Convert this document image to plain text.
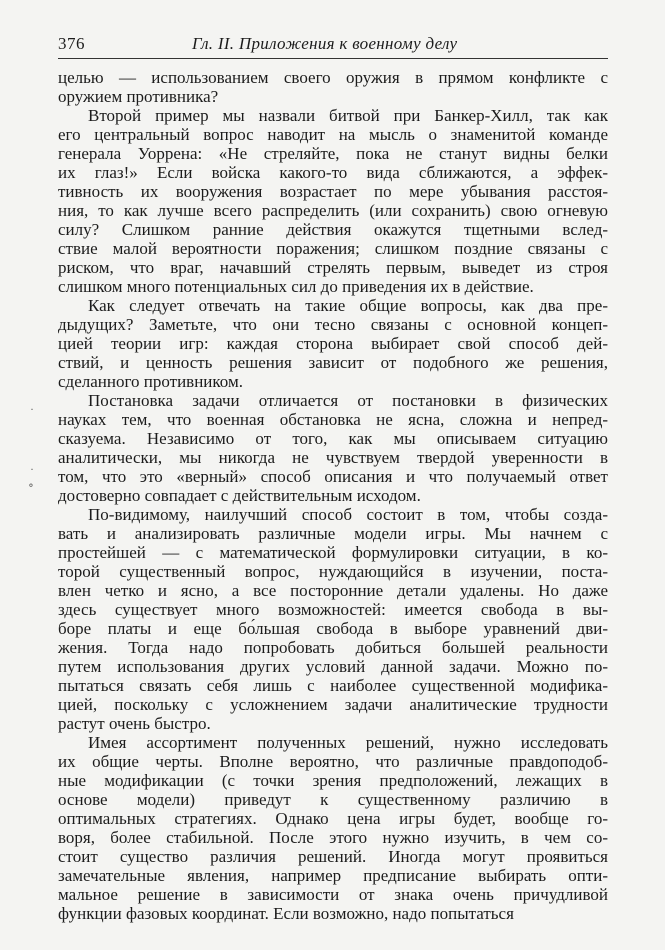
376	Гл. II. Приложения к военному делу
·
·
∘
целью — использованием своего оружия в прямом конфликте с
оружием противника?
Второй пример мы назвали битвой при Банкер-Хилл, так как
его центральный вопрос наводит на мысль о знаменитой команде
генерала Уоррена: «Не стреляйте, пока не станут видны белки
их глаз!» Если войска какого-то вида сближаются, а эффек-
тивность их вооружения возрастает по мере убывания расстоя-
ния, то как лучше всего распределить (или сохранить) свою огневую
силу? Слишком ранние действия окажутся тщетными вслед-
ствие малой вероятности поражения; слишком поздние связаны с
риском, что враг, начавший стрелять первым, выведет из строя
слишком много потенциальных сил до приведения их в действие.
Как следует отвечать на такие общие вопросы, как два пре-
дыдущих? Заметьте, что они тесно связаны с основной концеп-
цией теории игр: каждая сторона выбирает свой способ дей-
ствий, и ценность решения зависит от подобного же решения,
сделанного противником.
Постановка задачи отличается от постановки в физических
науках тем, что военная обстановка не ясна, сложна и непред-
сказуема. Независимо от того, как мы описываем ситуацию
аналитически, мы никогда не чувствуем твердой уверенности в
том, что это «верный» способ описания и что получаемый ответ
достоверно совпадает с действительным исходом.
По-видимому, наилучший способ состоит в том, чтобы созда-
вать и анализировать различные модели игры. Мы начнем с
простейшей — с математической формулировки ситуации, в ко-
торой существенный вопрос, нуждающийся в изучении, поста-
влен четко и ясно, а все посторонние детали удалены. Но даже
здесь существует много возможностей: имеется свобода в вы-
боре платы и еще бо́льшая свобода в выборе уравнений дви-
жения. Тогда надо попробовать добиться большей реальности
путем использования других условий данной задачи. Можно по-
пытаться связать себя лишь с наиболее существенной модифика-
цией, поскольку с усложнением задачи аналитические трудности
растут очень быстро.
Имея ассортимент полученных решений, нужно исследовать
их общие черты. Вполне вероятно, что различные правдоподоб-
ные модификации (с точки зрения предположений, лежащих в
основе модели) приведут к существенному различию в
оптимальных стратегиях. Однако цена игры будет, вообще го-
воря, более стабильной. После этого нужно изучить, в чем со-
стоит существо различия решений. Иногда могут проявиться
замечательные явления, например предписание выбирать опти-
мальное решение в зависимости от знака очень причудливой
функции фазовых координат. Если возможно, надо попытаться
